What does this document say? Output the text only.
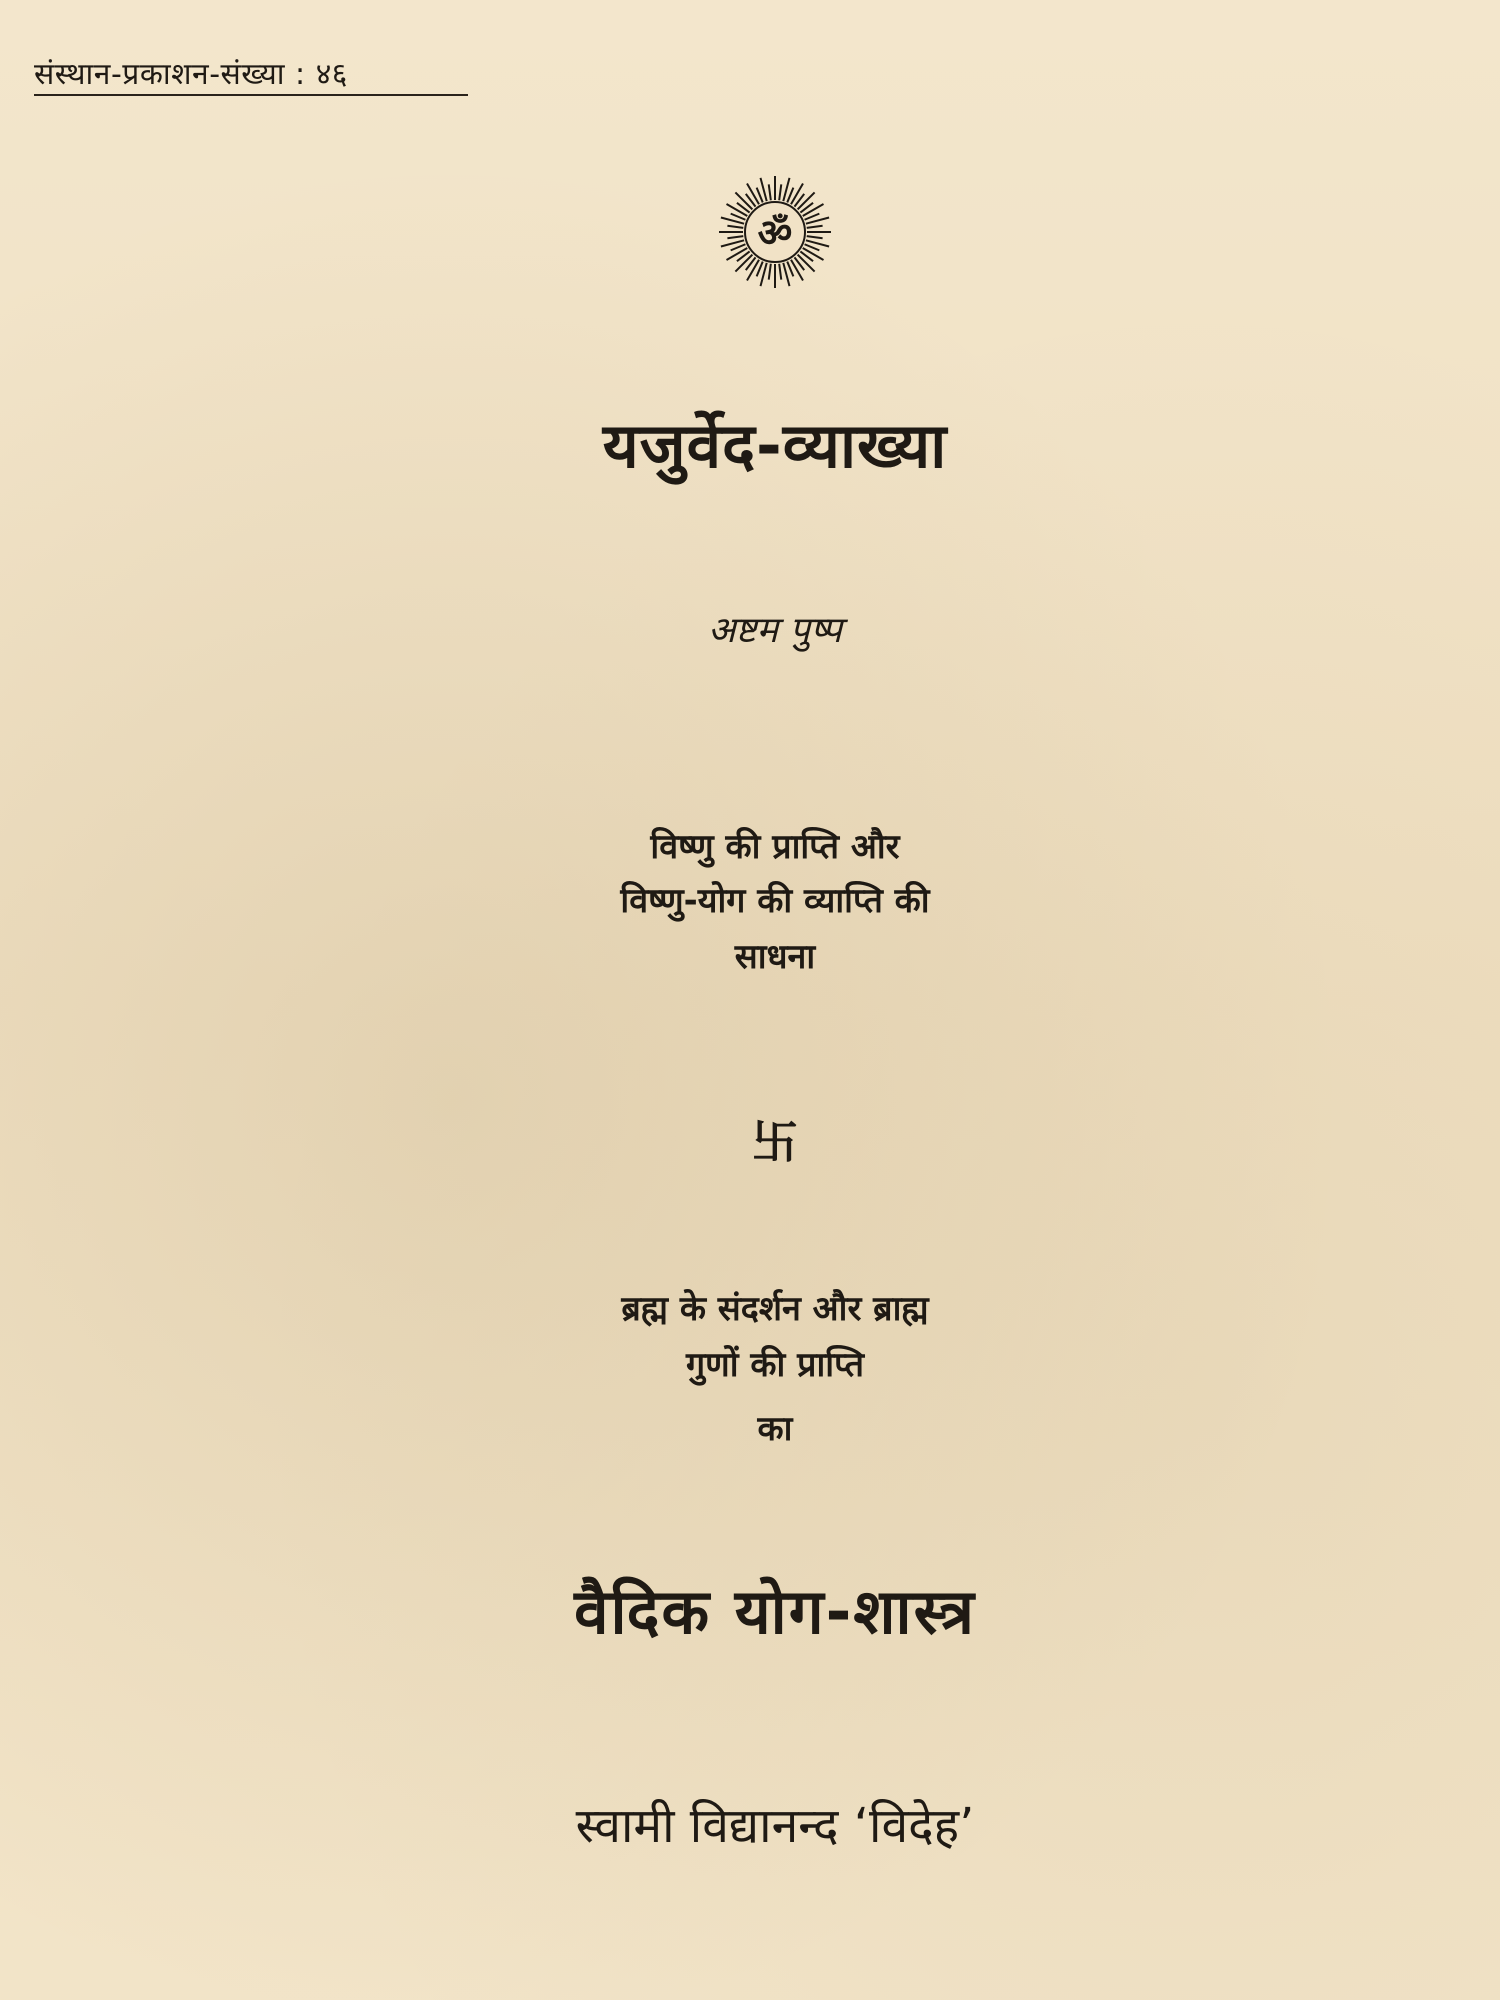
संस्थान-प्रकाशन-संख्या : ४६
ॐ
यजुर्वेद-व्याख्या
अष्टम पुष्प
विष्णु की प्राप्ति और
विष्णु-योग की व्याप्ति की
साधना
卐
ब्रह्म के संदर्शन और ब्राह्म
गुणों की प्राप्ति
का
वैदिक योग-शास्त्र
स्वामी विद्यानन्द ‘विदेह’
